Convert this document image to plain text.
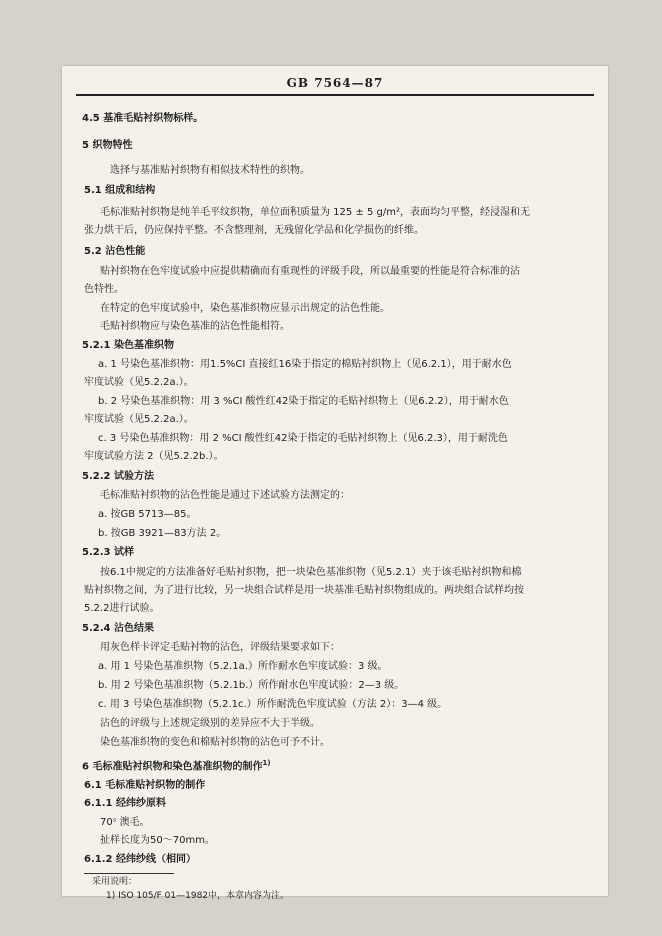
GB 7564—87
4.5 基准毛贴衬织物标样。
5 织物特性
选择与基准贴衬织物有相似技术特性的织物。
5.1 组成和结构
毛标准贴衬织物是纯羊毛平纹织物，单位面积质量为 125 ± 5 g/m²，表面均匀平整，经浸湿和无
张力烘干后，仍应保持平整。不含整理剂，无残留化学品和化学损伤的纤维。
5.2 沾色性能
贴衬织物在色牢度试验中应提供精确而有重现性的评级手段，所以最重要的性能是符合标准的沾
色特性。
在特定的色牢度试验中，染色基准织物应显示出规定的沾色性能。
毛贴衬织物应与染色基准的沾色性能相符。
5.2.1 染色基准织物
a. 1 号染色基准织物：用1.5%CI 直接红16染于指定的棉贴衬织物上（见6.2.1），用于耐水色
牢度试验（见5.2.2a.）。
b. 2 号染色基准织物：用 3 %CI 酸性红42染于指定的毛贴衬织物上（见6.2.2），用于耐水色
牢度试验（见5.2.2a.）。
c. 3 号染色基准织物：用 2 %CI 酸性红42染于指定的毛贴衬织物上（见6.2.3），用于耐洗色
牢度试验方法 2（见5.2.2b.）。
5.2.2 试验方法
毛标准贴衬织物的沾色性能是通过下述试验方法测定的：
a. 按GB 5713—85。
b. 按GB 3921—83方法 2。
5.2.3 试样
按6.1中规定的方法准备好毛贴衬织物，把一块染色基准织物（见5.2.1）夹于该毛贴衬织物和棉
贴衬织物之间，为了进行比较，另一块组合试样是用一块基准毛贴衬织物组成的。两块组合试样均按
5.2.2进行试验。
5.2.4 沾色结果
用灰色样卡评定毛贴衬物的沾色，评级结果要求如下：
a. 用 1 号染色基准织物（5.2.1a.）所作耐水色牢度试验：3 级。
b. 用 2 号染色基准织物（5.2.1b.）所作耐水色牢度试验：2—3 级。
c. 用 3 号染色基准织物（5.2.1c.）所作耐洗色牢度试验（方法 2）：3—4 级。
沾色的评级与上述规定级别的差异应不大于半级。
染色基准织物的变色和棉贴衬织物的沾色可予不计。
6 毛标准贴衬织物和染色基准织物的制作$^{1)}$
6.1 毛标准贴衬织物的制作
6.1.1 经纬纱原料
70ˢ 澳毛。
扯样长度为50～70mm。
6.1.2 经纬纱线（相同）
采用说明：
1) ISO 105/F 01—1982中，本章内容为注。
